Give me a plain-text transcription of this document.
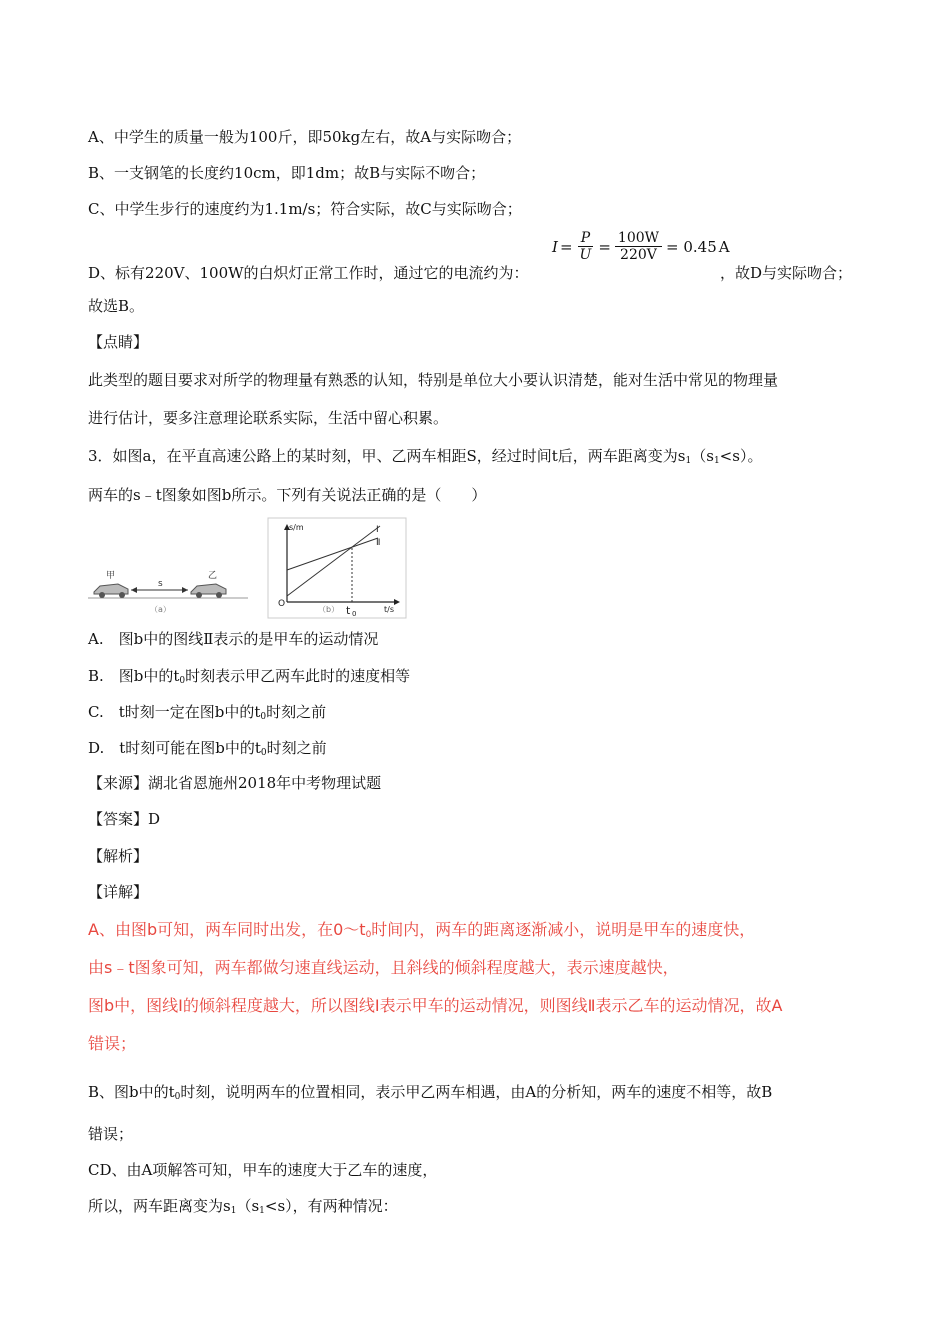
A、中学生的质量一般为100斤，即50kg左右，故A与实际吻合；
B、一支钢笔的长度约10cm，即1dm；故B与实际不吻合；
C、中学生步行的速度约为1.1m/s；符合实际，故C与实际吻合；
D、标有220V、100W的白炽灯正常工作时，通过它的电流约为：
$I = \frac{P}{U} = \frac{100W}{220V} = 0.45$ A
，故D与实际吻合；
故选B。
【点睛】
此类型的题目要求对所学的物理量有熟悉的认知，特别是单位大小要认识清楚，能对生活中常见的物理量
进行估计，要多注意理论联系实际，生活中留心积累。
3．如图a，在平直高速公路上的某时刻，甲、乙两车相距S，经过时间t后，两车距离变为$s_1(s_1<s)$。
两车的s﹣t图象如图b所示。下列有关说法正确的是（　　）
甲
s
乙
（a）
s/m
t/s
O
Ⅰ
Ⅱ
（b） t 0
A.　图b中的图线Ⅱ表示的是甲车的运动情况
B.　图b中的$t_0$时刻表示甲乙两车此时的速度相等
C.　t时刻一定在图b中的$t_0$时刻之前
D.　t时刻可能在图b中的$t_0$时刻之前
【来源】湖北省恩施州2018年中考物理试题
【答案】D
【解析】
【详解】
A、由图b可知，两车同时出发，在$0\sim t_0$时间内，两车的距离逐渐减小，说明是甲车的速度快，
由s﹣t图象可知，两车都做匀速直线运动，且斜线的倾斜程度越大，表示速度越快，
图b中，图线Ⅰ的倾斜程度越大，所以图线Ⅰ表示甲车的运动情况，则图线Ⅱ表示乙车的运动情况，故A
错误；
B、图b中的$t_0$时刻，说明两车的位置相同，表示甲乙两车相遇，由A的分析知，两车的速度不相等，故B
错误；
CD、由A项解答可知，甲车的速度大于乙车的速度，
所以，两车距离变为$s_1(s_1<s)$，有两种情况：
